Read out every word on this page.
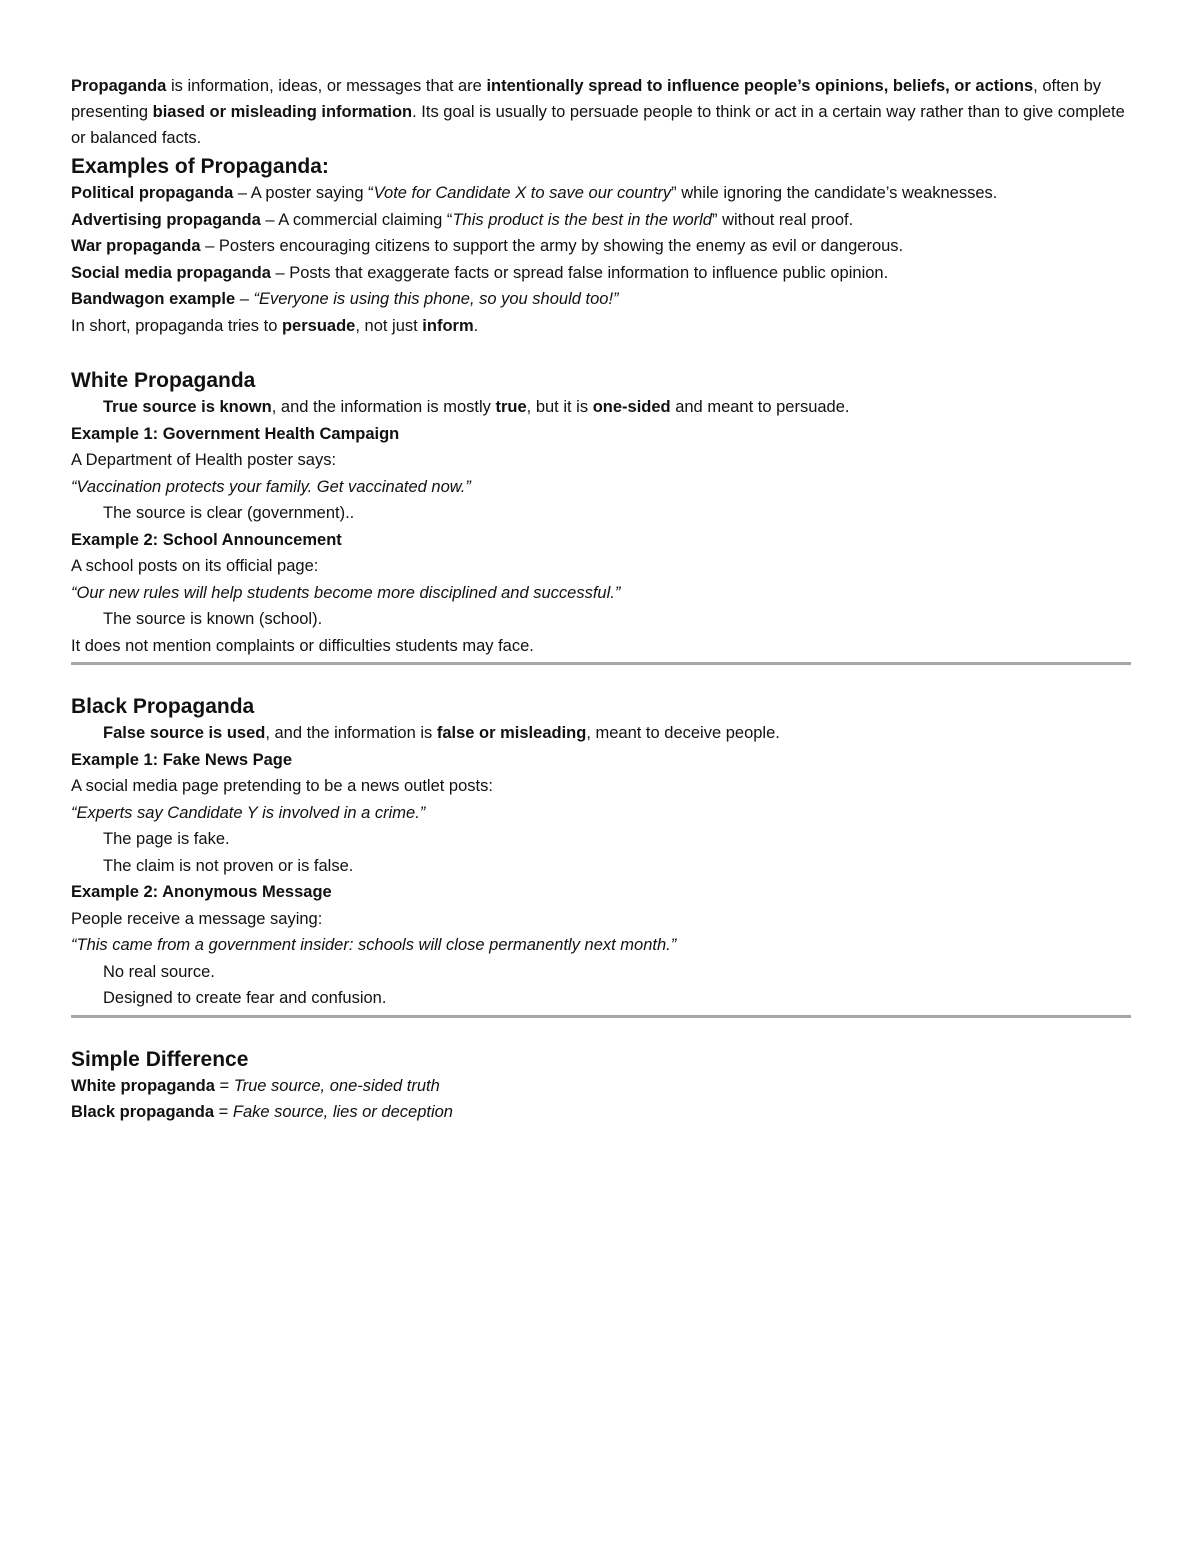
Propaganda is information, ideas, or messages that are intentionally spread to influence people’s opinions, beliefs, or actions, often by presenting biased or misleading information. Its goal is usually to persuade people to think or act in a certain way rather than to give complete or balanced facts.

Examples of Propaganda:

Political propaganda – A poster saying “Vote for Candidate X to save our country” while ignoring the candidate’s weaknesses.

Advertising propaganda – A commercial claiming “This product is the best in the world” without real proof.

War propaganda – Posters encouraging citizens to support the army by showing the enemy as evil or dangerous.

Social media propaganda – Posts that exaggerate facts or spread false information to influence public opinion.

Bandwagon example – “Everyone is using this phone, so you should too!”

In short, propaganda tries to persuade, not just inform.

White Propaganda

True source is known, and the information is mostly true, but it is one-sided and meant to persuade.

Example 1: Government Health Campaign

A Department of Health poster says:

“Vaccination protects your family. Get vaccinated now.”

The source is clear (government)..

Example 2: School Announcement

A school posts on its official page:

“Our new rules will help students become more disciplined and successful.”

The source is known (school).

It does not mention complaints or difficulties students may face.

Black Propaganda

False source is used, and the information is false or misleading, meant to deceive people.

Example 1: Fake News Page

A social media page pretending to be a news outlet posts:

“Experts say Candidate Y is involved in a crime.”

The page is fake.

The claim is not proven or is false.

Example 2: Anonymous Message

People receive a message saying:

“This came from a government insider: schools will close permanently next month.”

No real source.

Designed to create fear and confusion.

Simple Difference

White propaganda = True source, one-sided truth

Black propaganda = Fake source, lies or deception
